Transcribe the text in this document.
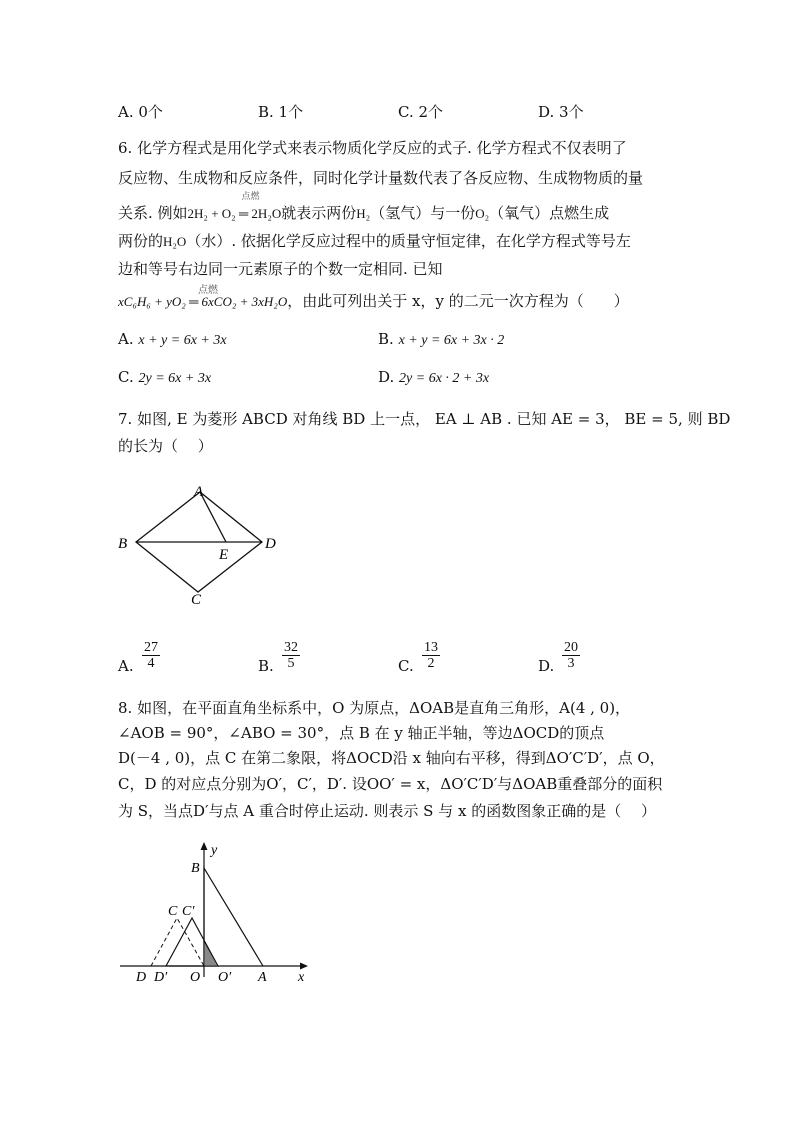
A. 0个	B. 1个	C. 2个	D. 3个
6. 化学方程式是用化学式来表示物质化学反应的式子. 化学方程式不仅表明了
反应物、生成物和反应条件，同时化学计量数代表了各反应物、生成物物质的量
关系. 例如
点燃
2H₂ + O₂ ═ 2H₂O就表示两份H₂（氢气）与一份O₂（氧气）点燃生成
两份的H₂O（水）. 依据化学反应过程中的质量守恒定律，在化学方程式等号左
边和等号右边同一元素原子的个数一定相同. 已知
点燃
xC₆H₆ + yO₂ ═ 6xCO₂ + 3xH₂O，由此可列出关于 x，y 的二元一次方程为（　　）
A. x + y = 6x + 3x	B. x + y = 6x + 3x · 2
C. 2y = 6x + 3x	D. 2y = 6x · 2 + 3x
7. 如图, E 为菱形 ABCD 对角线 BD 上一点， EA ⊥ AB . 已知 AE = 3， BE = 5, 则 BD
的长为（　 ）
A
B	D
E
C
A. $\frac{27}{4}$	B. $\frac{32}{5}$	C. $\frac{13}{2}$	D. $\frac{20}{3}$
8. 如图，在平面直角坐标系中，O 为原点，ΔOAB是直角三角形，A(4 , 0)，
∠AOB = 90°，∠ABO = 30°，点 B 在 y 轴正半轴，等边ΔOCD的顶点
D(－4 , 0)，点 C 在第二象限，将ΔOCD沿 x 轴向右平移，得到ΔO′C′D′，点 O，
C，D 的对应点分别为O′，C′，D′. 设OO′ = x，ΔO′C′D′与ΔOAB重叠部分的面积
为 S，当点D′与点 A 重合时停止运动. 则表示 S 与 x 的函数图象正确的是（　 ）
y
B
C C′
D D′ O O′ A x
